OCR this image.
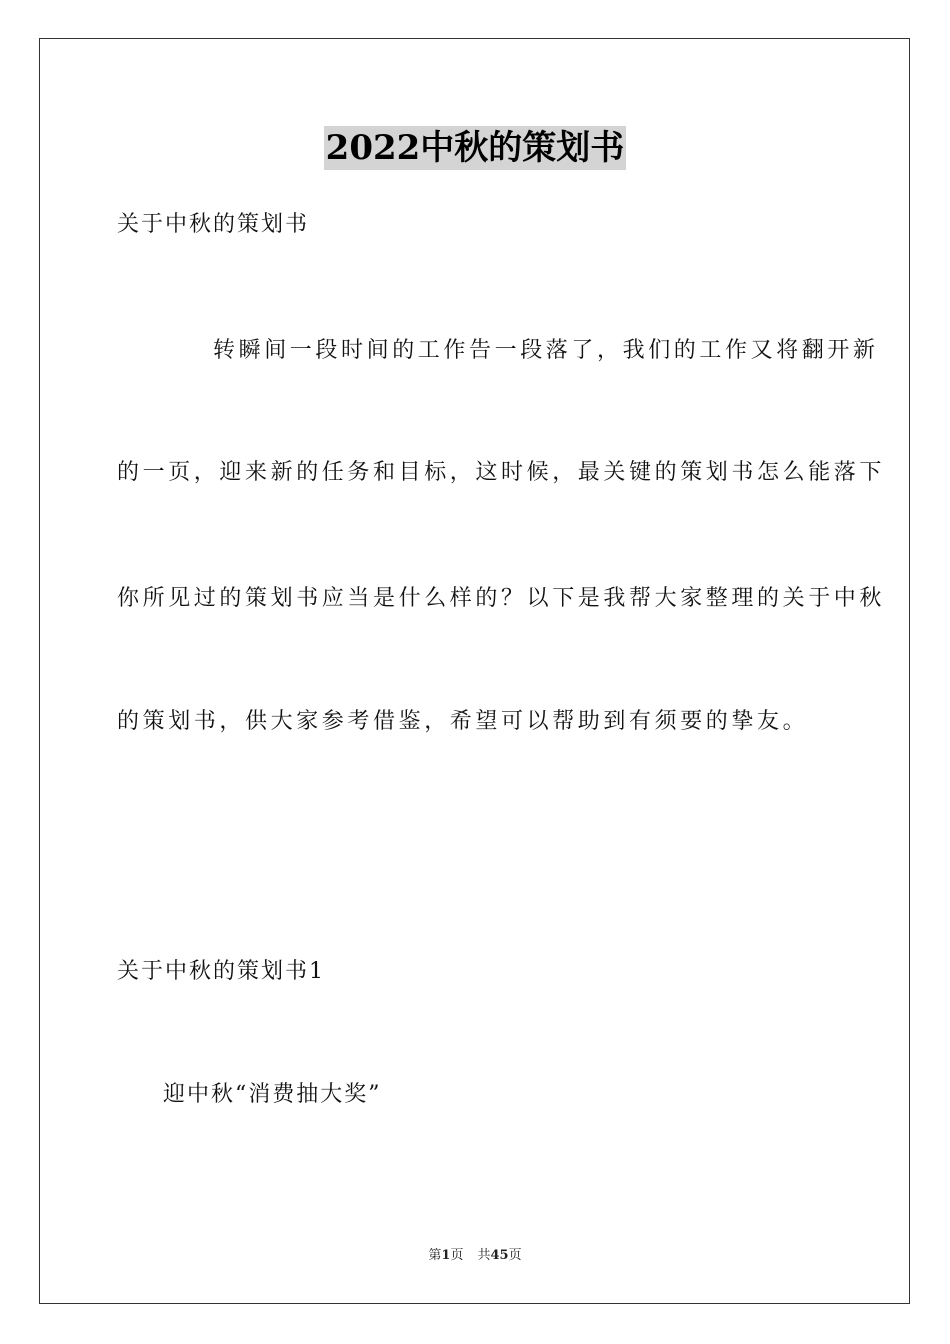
2022中秋的策划书
关于中秋的策划书
转瞬间一段时间的工作告一段落了，我们的工作又将翻开新
的一页，迎来新的任务和目标，这时候，最关键的策划书怎么能落下
你所见过的策划书应当是什么样的？以下是我帮大家整理的关于中秋
的策划书，供大家参考借鉴，希望可以帮助到有须要的挚友。
关于中秋的策划书1
迎中秋“消费抽大奖”
第1页 共45页
